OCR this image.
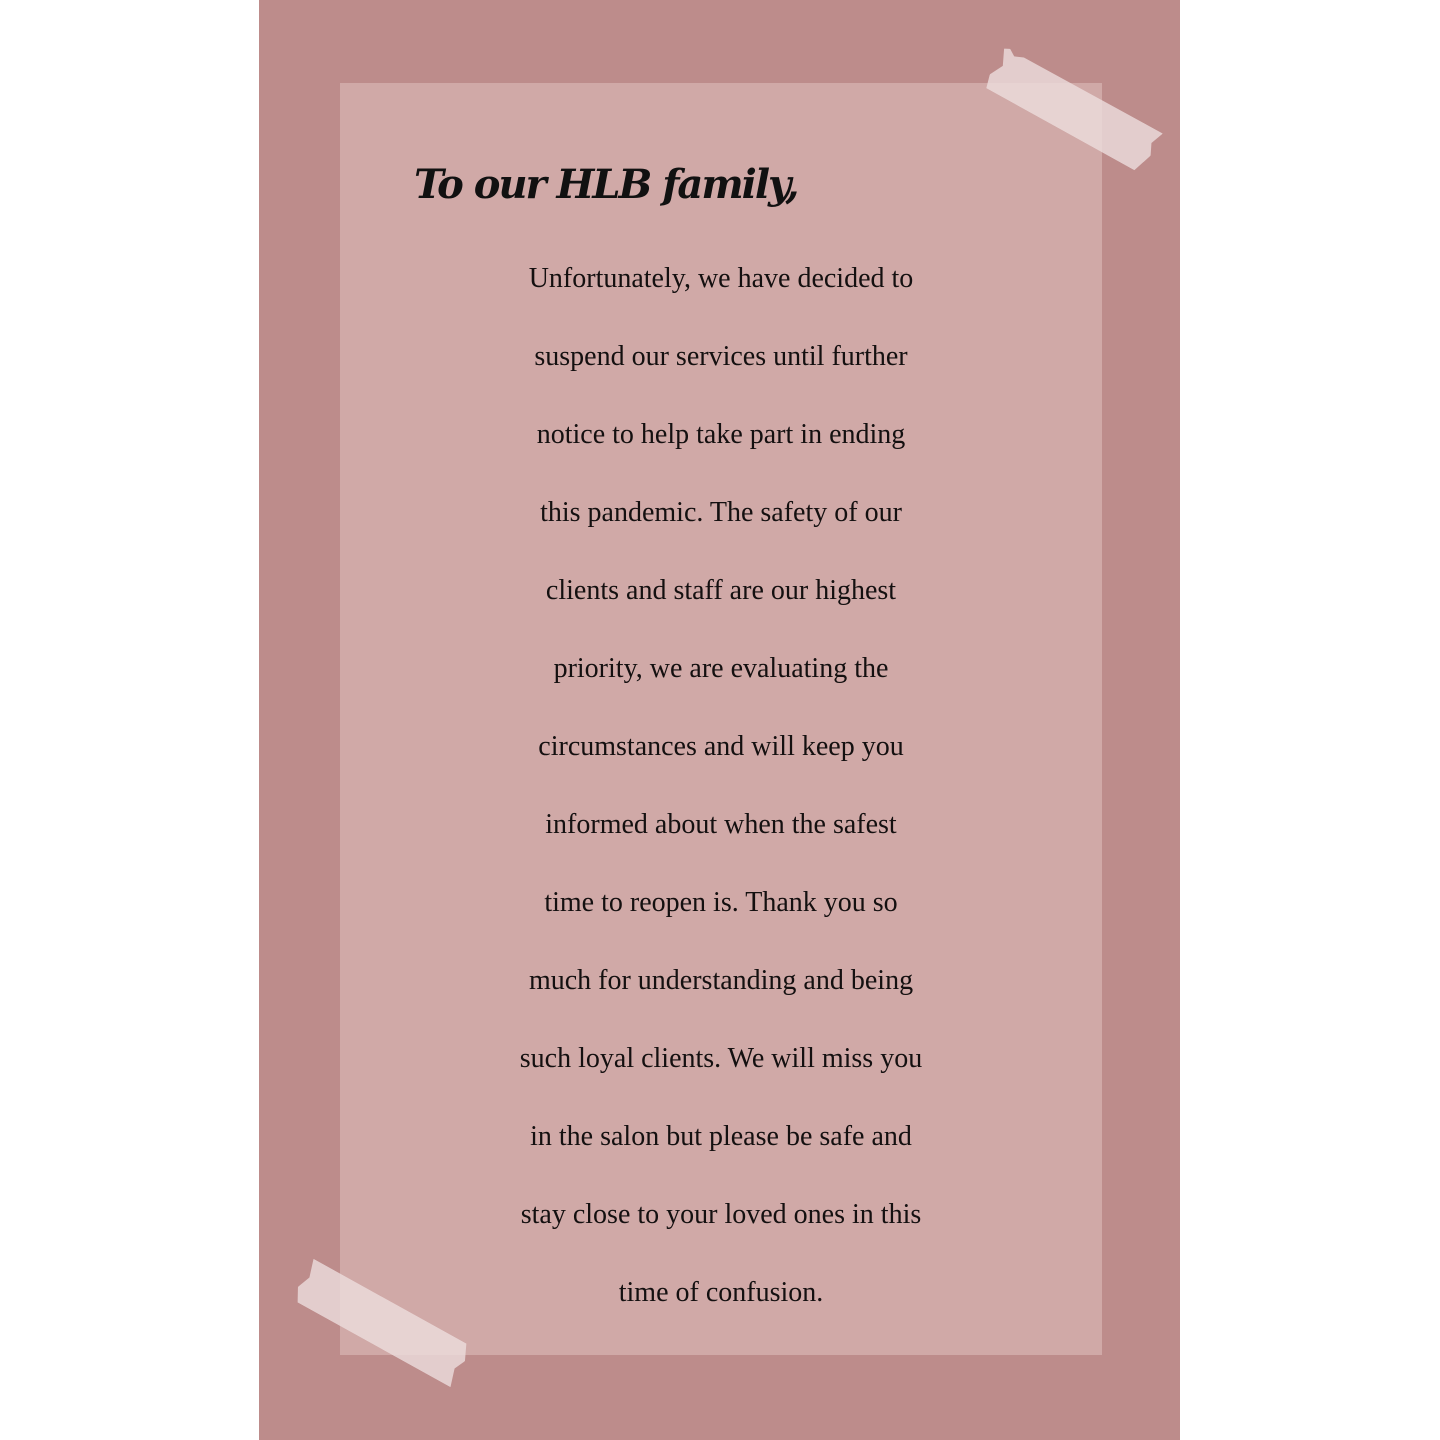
To our HLB family,
Unfortunately, we have decided to
suspend our services until further
notice to help take part in ending
this pandemic. The safety of our
clients and staff are our highest
priority, we are evaluating the
circumstances and will keep you
informed about when the safest
time to reopen is. Thank you so
much for understanding and being
such loyal clients. We will miss you
in the salon but please be safe and
stay close to your loved ones in this
time of confusion.
